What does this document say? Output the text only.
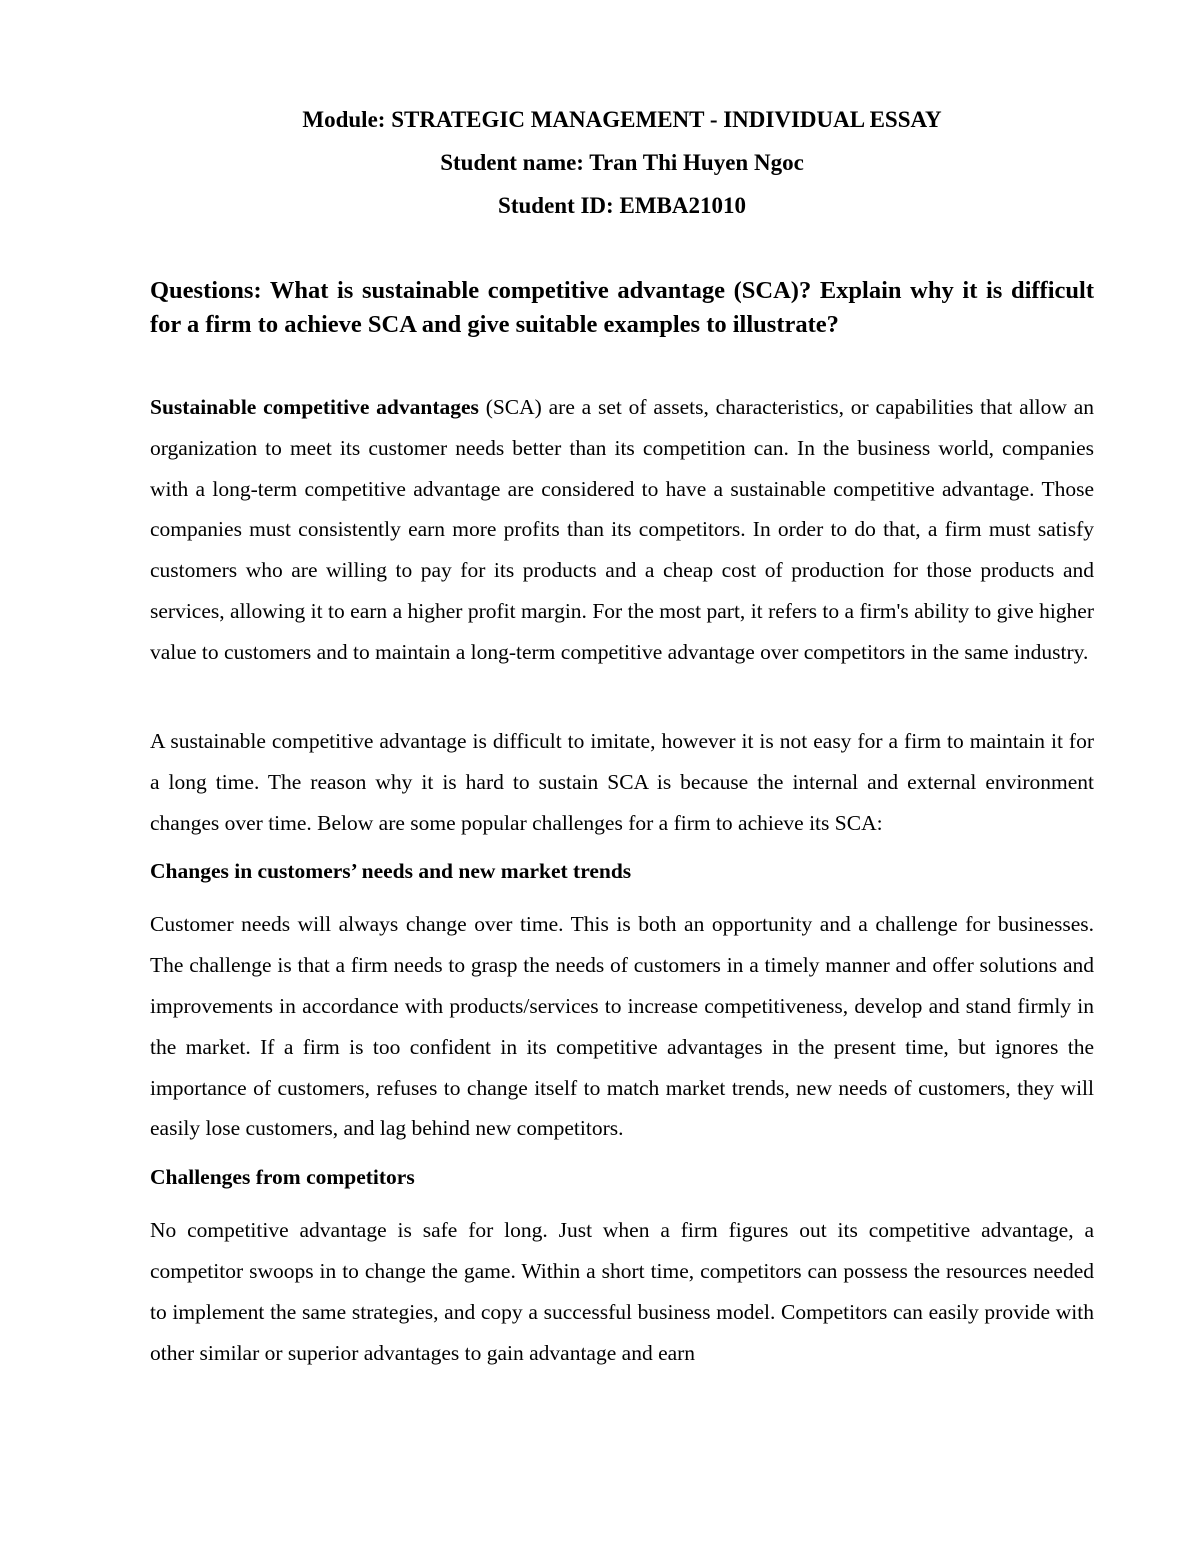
Module: STRATEGIC MANAGEMENT - INDIVIDUAL ESSAY
Student name: Tran Thi Huyen Ngoc
Student ID: EMBA21010
Questions: What is sustainable competitive advantage (SCA)? Explain why it is difficult for a firm to achieve SCA and give suitable examples to illustrate?

Sustainable competitive advantages (SCA) are a set of assets, characteristics, or capabilities that allow an organization to meet its customer needs better than its competition can. In the business world, companies with a long-term competitive advantage are considered to have a sustainable competitive advantage. Those companies must consistently earn more profits than its competitors. In order to do that, a firm must satisfy customers who are willing to pay for its products and a cheap cost of production for those products and services, allowing it to earn a higher profit margin. For the most part, it refers to a firm's ability to give higher value to customers and to maintain a long-term competitive advantage over competitors in the same industry.

A sustainable competitive advantage is difficult to imitate, however it is not easy for a firm to maintain it for a long time. The reason why it is hard to sustain SCA is because the internal and external environment changes over time. Below are some popular challenges for a firm to achieve its SCA:

Changes in customers’ needs and new market trends

Customer needs will always change over time. This is both an opportunity and a challenge for businesses. The challenge is that a firm needs to grasp the needs of customers in a timely manner and offer solutions and improvements in accordance with products/services to increase competitiveness, develop and stand firmly in the market. If a firm is too confident in its competitive advantages in the present time, but ignores the importance of customers, refuses to change itself to match market trends, new needs of customers, they will easily lose customers, and lag behind new competitors.

Challenges from competitors

No competitive advantage is safe for long. Just when a firm figures out its competitive advantage, a competitor swoops in to change the game. Within a short time, competitors can possess the resources needed to implement the same strategies, and copy a successful business model. Competitors can easily provide with other similar or superior advantages to gain advantage and earn
